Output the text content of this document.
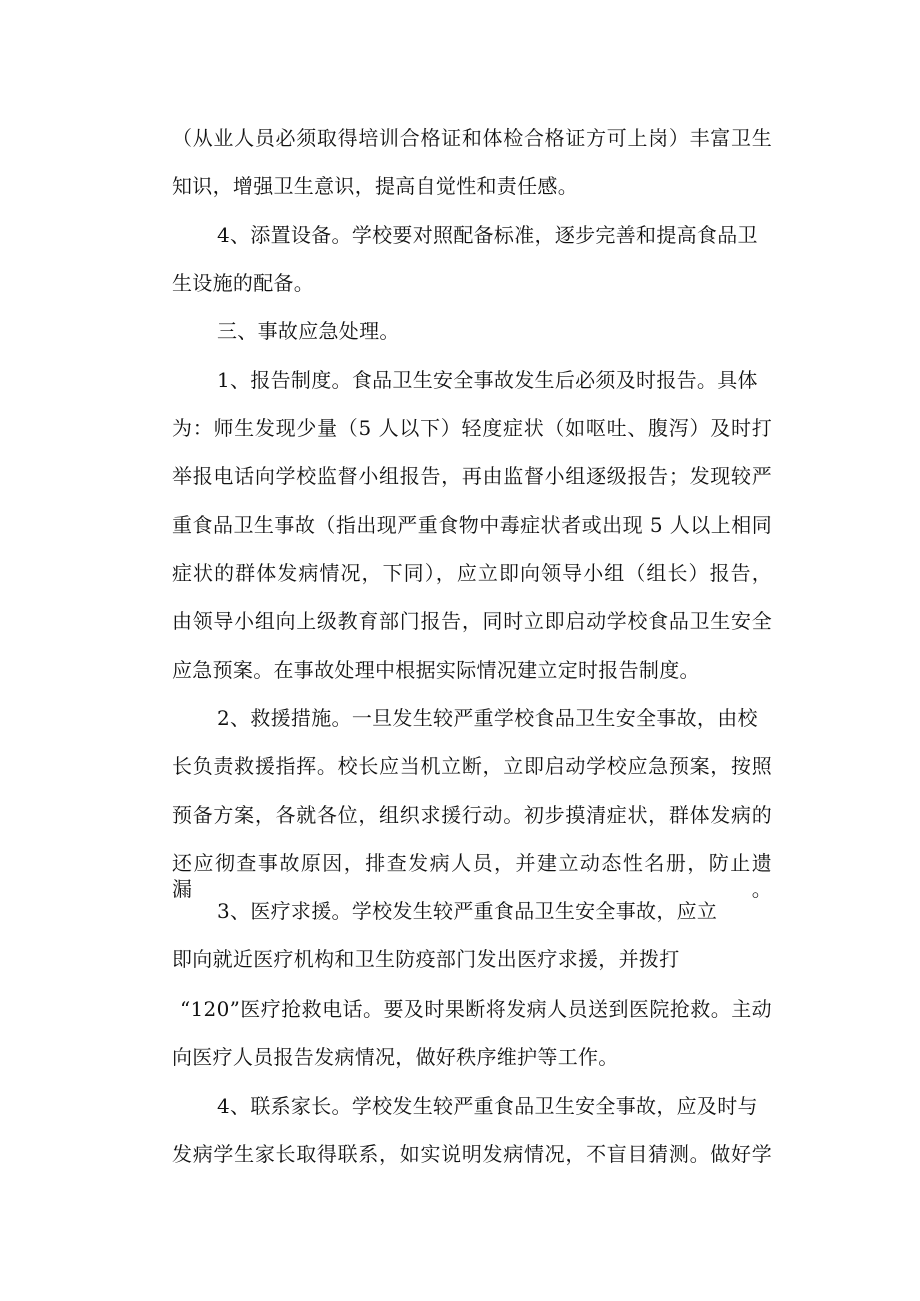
（从业人员必须取得培训合格证和体检合格证方可上岗）丰富卫生
知识，增强卫生意识，提高自觉性和责任感。
4、添置设备。学校要对照配备标准，逐步完善和提高食品卫
生设施的配备。
三、事故应急处理。
1、报告制度。食品卫生安全事故发生后必须及时报告。具体
为：师生发现少量（5 人以下）轻度症状（如呕吐、腹泻）及时打
举报电话向学校监督小组报告，再由监督小组逐级报告；发现较严
重食品卫生事故（指出现严重食物中毒症状者或出现 5 人以上相同
症状的群体发病情况，下同），应立即向领导小组（组长）报告，
由领导小组向上级教育部门报告，同时立即启动学校食品卫生安全
应急预案。在事故处理中根据实际情况建立定时报告制度。
2、救援措施。一旦发生较严重学校食品卫生安全事故，由校
长负责救援指挥。校长应当机立断，立即启动学校应急预案，按照
预备方案，各就各位，组织求援行动。初步摸清症状，群体发病的
还应彻查事故原因，排查发病人员，并建立动态性名册，防止遗漏。
3、医疗求援。学校发生较严重食品卫生安全事故，应立
即向就近医疗机构和卫生防疫部门发出医疗求援，并拨打
“120”医疗抢救电话。要及时果断将发病人员送到医院抢救。主动
向医疗人员报告发病情况，做好秩序维护等工作。
4、联系家长。学校发生较严重食品卫生安全事故，应及时与
发病学生家长取得联系，如实说明发病情况，不盲目猜测。做好学
